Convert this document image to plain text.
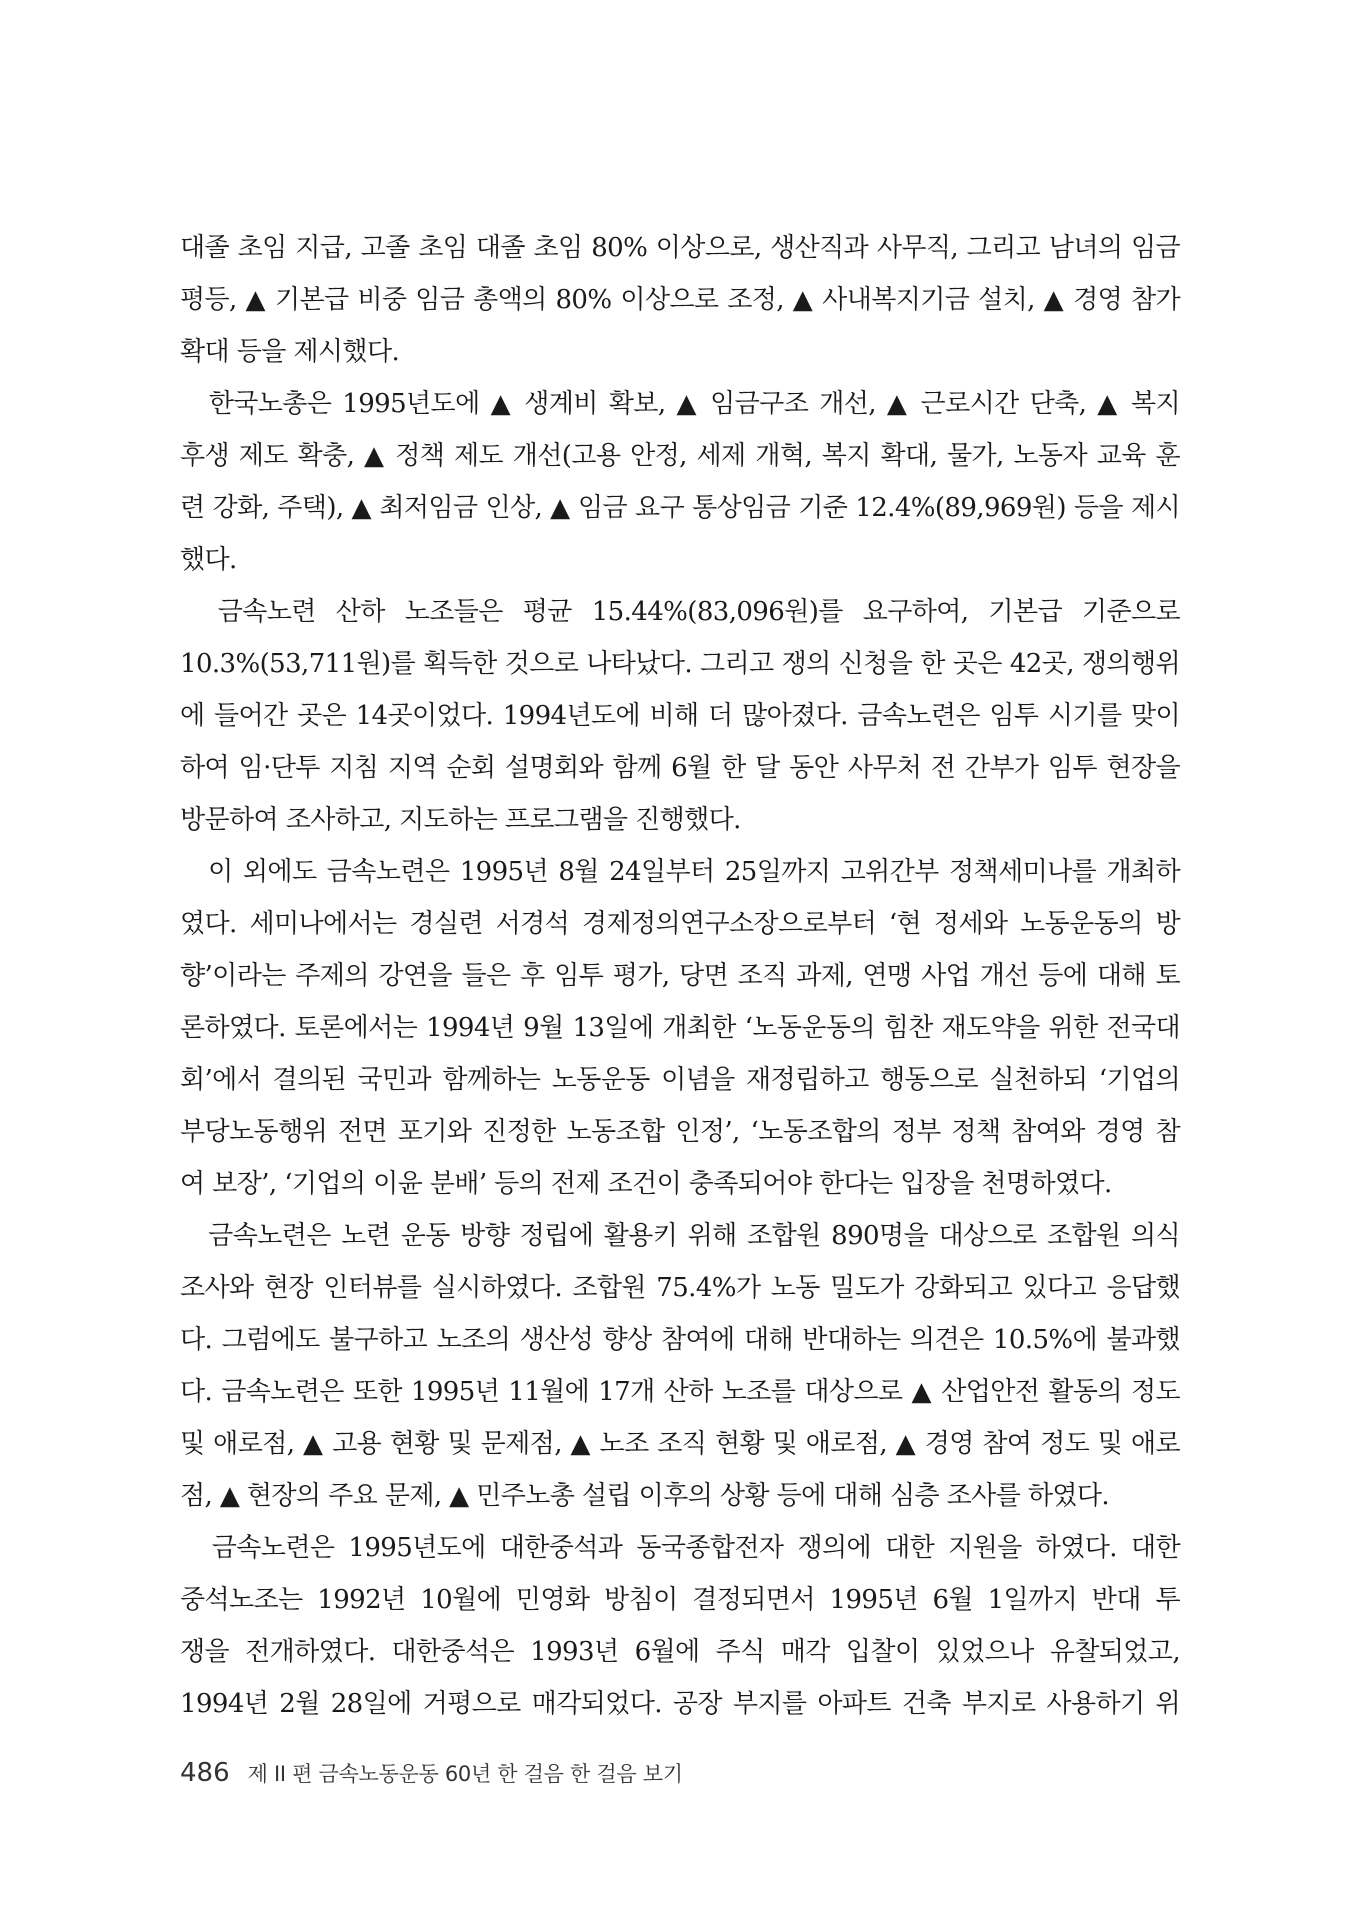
대졸 초임 지급, 고졸 초임 대졸 초임 80% 이상으로, 생산직과 사무직, 그리고 남녀의 임금
평등, ▲ 기본급 비중 임금 총액의 80% 이상으로 조정, ▲ 사내복지기금 설치, ▲ 경영 참가
확대 등을 제시했다.
　한국노총은 1995년도에 ▲ 생계비 확보, ▲ 임금구조 개선, ▲ 근로시간 단축, ▲ 복지
후생 제도 확충, ▲ 정책 제도 개선(고용 안정, 세제 개혁, 복지 확대, 물가, 노동자 교육 훈
련 강화, 주택), ▲ 최저임금 인상, ▲ 임금 요구 통상임금 기준 12.4%(89,969원) 등을 제시
했다.
　금속노련 산하 노조들은 평균 15.44%(83,096원)를 요구하여, 기본급 기준으로
10.3%(53,711원)를 획득한 것으로 나타났다. 그리고 쟁의 신청을 한 곳은 42곳, 쟁의행위
에 들어간 곳은 14곳이었다. 1994년도에 비해 더 많아졌다. 금속노련은 임투 시기를 맞이
하여 임·단투 지침 지역 순회 설명회와 함께 6월 한 달 동안 사무처 전 간부가 임투 현장을
방문하여 조사하고, 지도하는 프로그램을 진행했다.
　이 외에도 금속노련은 1995년 8월 24일부터 25일까지 고위간부 정책세미나를 개최하
였다. 세미나에서는 경실련 서경석 경제정의연구소장으로부터 ‘현 정세와 노동운동의 방
향’이라는 주제의 강연을 들은 후 임투 평가, 당면 조직 과제, 연맹 사업 개선 등에 대해 토
론하였다. 토론에서는 1994년 9월 13일에 개최한 ‘노동운동의 힘찬 재도약을 위한 전국대
회’에서 결의된 국민과 함께하는 노동운동 이념을 재정립하고 행동으로 실천하되 ‘기업의
부당노동행위 전면 포기와 진정한 노동조합 인정’, ‘노동조합의 정부 정책 참여와 경영 참
여 보장’, ‘기업의 이윤 분배’ 등의 전제 조건이 충족되어야 한다는 입장을 천명하였다.
　금속노련은 노련 운동 방향 정립에 활용키 위해 조합원 890명을 대상으로 조합원 의식
조사와 현장 인터뷰를 실시하였다. 조합원 75.4%가 노동 밀도가 강화되고 있다고 응답했
다. 그럼에도 불구하고 노조의 생산성 향상 참여에 대해 반대하는 의견은 10.5%에 불과했
다. 금속노련은 또한 1995년 11월에 17개 산하 노조를 대상으로 ▲ 산업안전 활동의 정도
및 애로점, ▲ 고용 현황 및 문제점, ▲ 노조 조직 현황 및 애로점, ▲ 경영 참여 정도 및 애로
점, ▲ 현장의 주요 문제, ▲ 민주노총 설립 이후의 상황 등에 대해 심층 조사를 하였다.
　금속노련은 1995년도에 대한중석과 동국종합전자 쟁의에 대한 지원을 하였다. 대한
중석노조는 1992년 10월에 민영화 방침이 결정되면서 1995년 6월 1일까지 반대 투
쟁을 전개하였다. 대한중석은 1993년 6월에 주식 매각 입찰이 있었으나 유찰되었고,
1994년 2월 28일에 거평으로 매각되었다. 공장 부지를 아파트 건축 부지로 사용하기 위
486 제 II 편 금속노동운동 60년 한 걸음 한 걸음 보기
